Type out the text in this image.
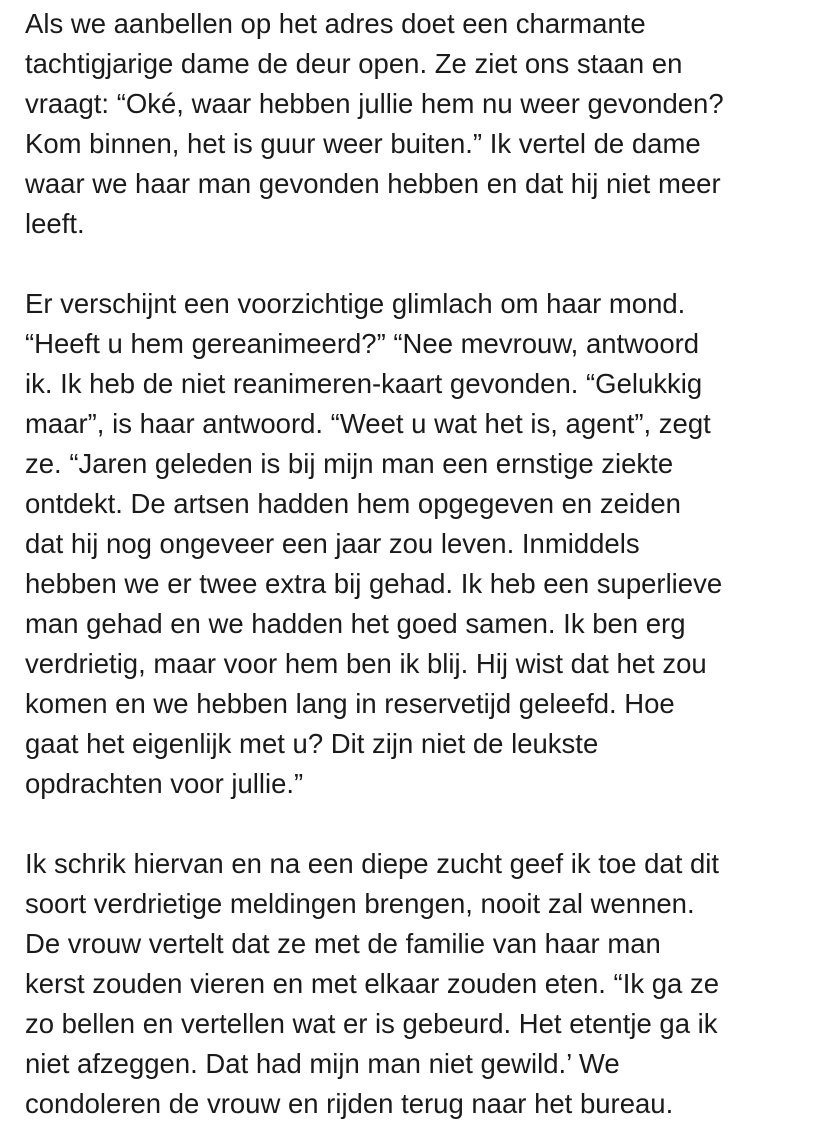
Als we aanbellen op het adres doet een charmante
tachtigjarige dame de deur open. Ze ziet ons staan en
vraagt: “Oké, waar hebben jullie hem nu weer gevonden?
Kom binnen, het is guur weer buiten.” Ik vertel de dame
waar we haar man gevonden hebben en dat hij niet meer
leeft.
Er verschijnt een voorzichtige glimlach om haar mond.
“Heeft u hem gereanimeerd?” “Nee mevrouw, antwoord
ik. Ik heb de niet reanimeren-kaart gevonden. “Gelukkig
maar”, is haar antwoord. “Weet u wat het is, agent”, zegt
ze. “Jaren geleden is bij mijn man een ernstige ziekte
ontdekt. De artsen hadden hem opgegeven en zeiden
dat hij nog ongeveer een jaar zou leven. Inmiddels
hebben we er twee extra bij gehad. Ik heb een superlieve
man gehad en we hadden het goed samen. Ik ben erg
verdrietig, maar voor hem ben ik blij. Hij wist dat het zou
komen en we hebben lang in reservetijd geleefd. Hoe
gaat het eigenlijk met u? Dit zijn niet de leukste
opdrachten voor jullie.”
Ik schrik hiervan en na een diepe zucht geef ik toe dat dit
soort verdrietige meldingen brengen, nooit zal wennen.
De vrouw vertelt dat ze met de familie van haar man
kerst zouden vieren en met elkaar zouden eten. “Ik ga ze
zo bellen en vertellen wat er is gebeurd. Het etentje ga ik
niet afzeggen. Dat had mijn man niet gewild.’ We
condoleren de vrouw en rijden terug naar het bureau.
